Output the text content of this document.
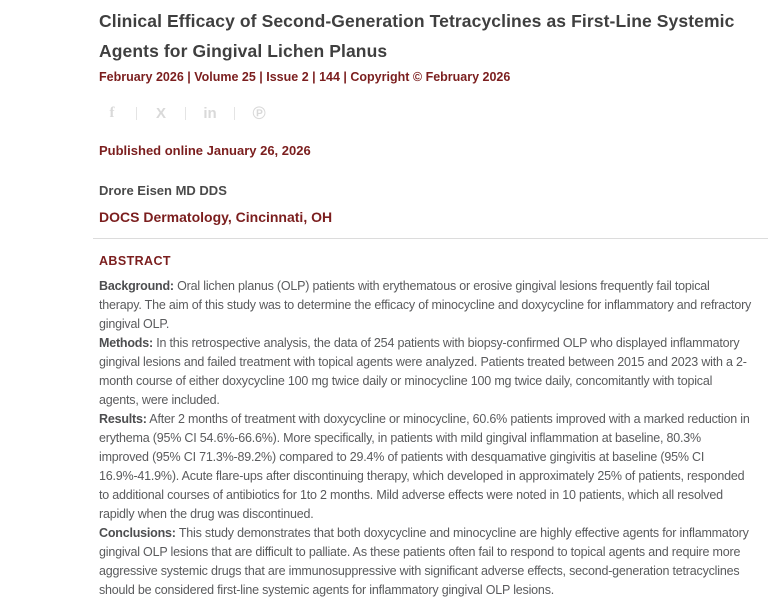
Clinical Efficacy of Second-Generation Tetracyclines as First-Line Systemic Agents for Gingival Lichen Planus
February 2026 | Volume 25 | Issue 2 | 144 | Copyright © February 2026
f	X	in	℗
Published online January 26, 2026
Drore Eisen MD DDS
DOCS Dermatology, Cincinnati, OH
ABSTRACT

Background: Oral lichen planus (OLP) patients with erythematous or erosive gingival lesions frequently fail topical therapy. The aim of this study was to determine the efficacy of minocycline and doxycycline for inflammatory and refractory gingival OLP.

Methods: In this retrospective analysis, the data of 254 patients with biopsy-confirmed OLP who displayed inflammatory gingival lesions and failed treatment with topical agents were analyzed. Patients treated between 2015 and 2023 with a 2-month course of either doxycycline 100 mg twice daily or minocycline 100 mg twice daily, concomitantly with topical agents, were included.

Results: After 2 months of treatment with doxycycline or minocycline, 60.6% patients improved with a marked reduction in erythema (95% CI 54.6%-66.6%). More specifically, in patients with mild gingival inflammation at baseline, 80.3% improved (95% CI 71.3%-89.2%) compared to 29.4% of patients with desquamative gingivitis at baseline (95% CI 16.9%-41.9%). Acute flare-ups after discontinuing therapy, which developed in approximately 25% of patients, responded to additional courses of antibiotics for 1to 2 months. Mild adverse effects were noted in 10 patients, which all resolved rapidly when the drug was discontinued.

Conclusions: This study demonstrates that both doxycycline and minocycline are highly effective agents for inflammatory gingival OLP lesions that are difficult to palliate. As these patients often fail to respond to topical agents and require more aggressive systemic drugs that are immunosuppressive with significant adverse effects, second-generation tetracyclines should be considered first-line systemic agents for inflammatory gingival OLP lesions.
